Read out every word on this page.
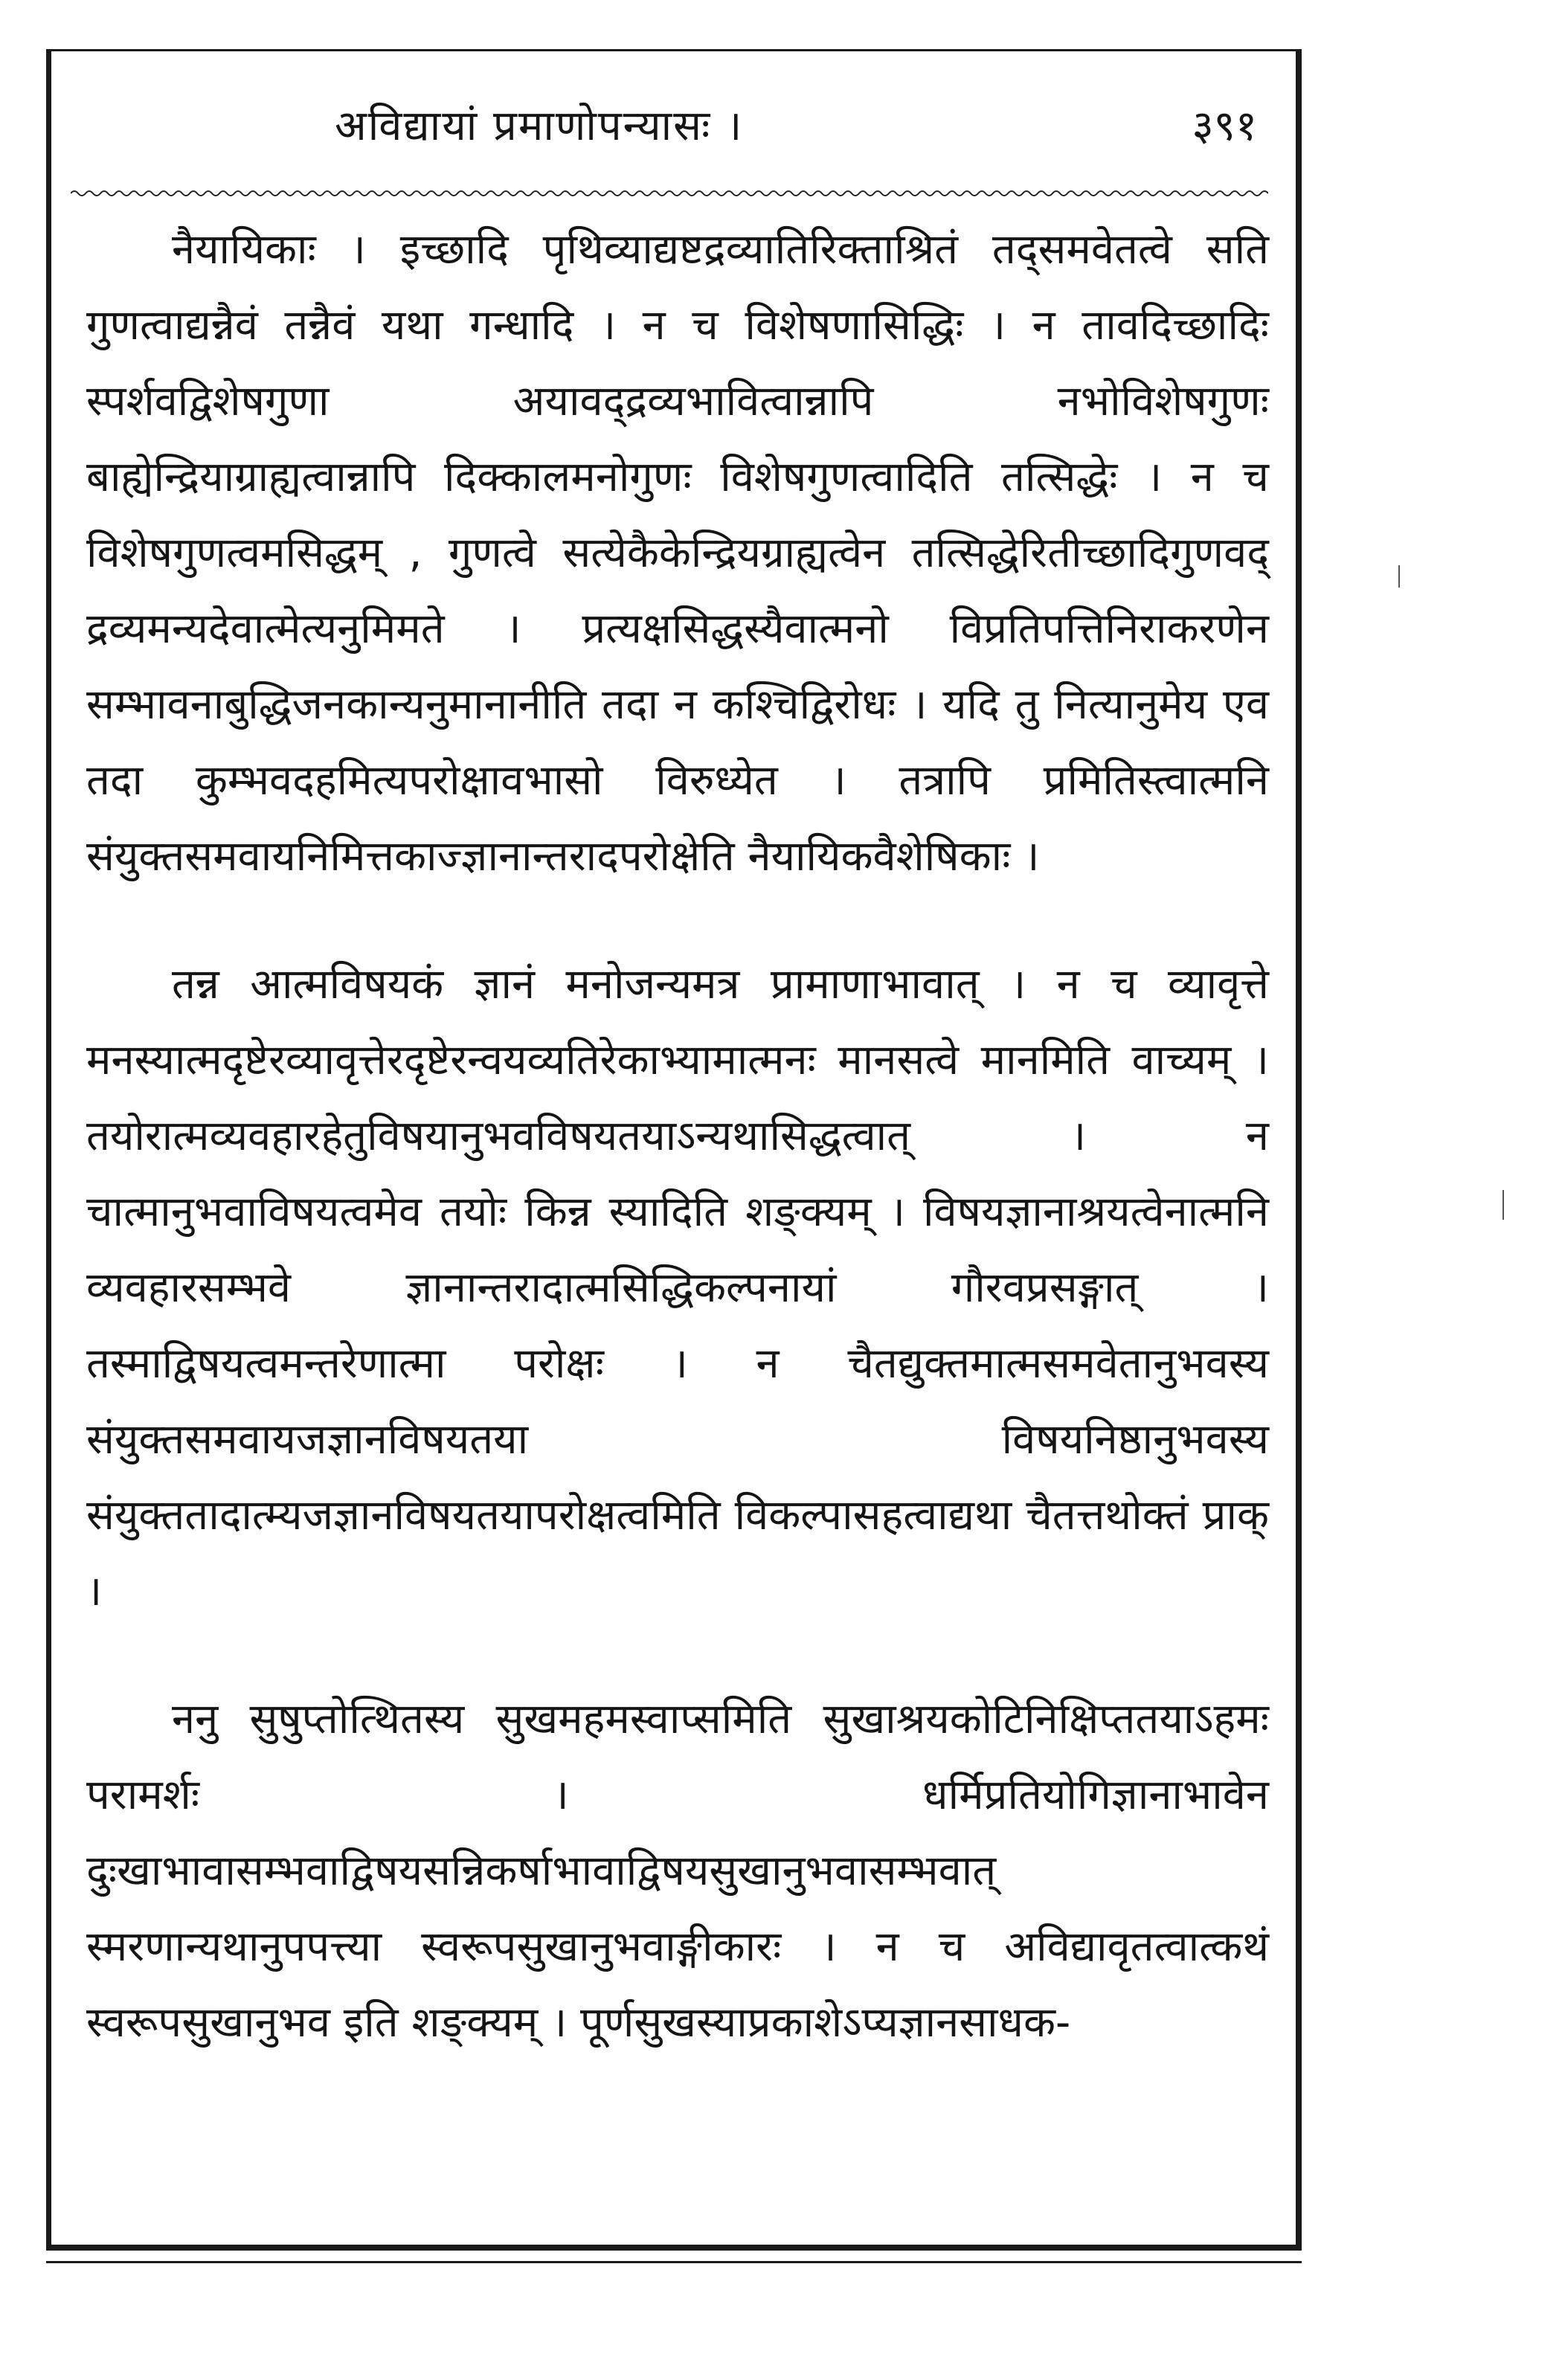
अविद्यायां प्रमाणोपन्यासः ।	३९१

नैयायिकाः । इच्छादि पृथिव्याद्यष्टद्रव्यातिरिक्ताश्रितं तद्समवेतत्वे सति गुणत्वाद्यन्नैवं तन्नैवं यथा गन्धादि । न च विशेषणासिद्धिः । न तावदिच्छादिः स्पर्शवद्विशेषगुणा अयावद्द्रव्यभावित्वान्नापि नभोविशेषगुणः बाह्येन्द्रियाग्राह्यत्वान्नापि दिक्कालमनोगुणः विशेषगुणत्वादिति तत्सिद्धेः । न च विशेषगुणत्वमसिद्धम् , गुणत्वे सत्येकैकेन्द्रियग्राह्यत्वेन तत्सिद्धेरितीच्छादिगुणवद् द्रव्यमन्यदेवात्मेत्यनुमिमते । प्रत्यक्षसिद्धस्यैवात्मनो विप्रतिपत्तिनिराकरणेन सम्भावनाबुद्धिजनकान्यनुमानानीति तदा न कश्चिद्विरोधः । यदि तु नित्यानुमेय एव तदा कुम्भवदहमित्यपरोक्षावभासो विरुध्येत । तत्रापि प्रमितिस्त्वात्मनि संयुक्तसमवायनिमित्तकाज्ज्ञानान्तरादपरोक्षेति नैयायिकवैशेषिकाः ।

तन्न आत्मविषयकं ज्ञानं मनोजन्यमत्र प्रामाणाभावात् । न च व्यावृत्ते मनस्यात्मदृष्टेरव्यावृत्तेरदृष्टेरन्वयव्यतिरेकाभ्यामात्मनः मानसत्वे मानमिति वाच्यम् । तयोरात्मव्यवहारहेतुविषयानुभवविषयतयाऽन्यथासिद्धत्वात् । न चात्मानुभवाविषयत्वमेव तयोः किन्न स्यादिति शङ्क्यम् । विषयज्ञानाश्रयत्वेनात्मनि व्यवहारसम्भवे ज्ञानान्तरादात्मसिद्धिकल्पनायां गौरवप्रसङ्गात् । तस्माद्विषयत्वमन्तरेणात्मा परोक्षः । न चैतद्युक्तमात्मसमवेतानुभवस्य संयुक्तसमवायजज्ञानविषयतया विषयनिष्ठानुभवस्य संयुक्ततादात्म्यजज्ञानविषयतयापरोक्षत्वमिति विकल्पासहत्वाद्यथा चैतत्तथोक्तं प्राक् ।

ननु सुषुप्तोत्थितस्य सुखमहमस्वाप्समिति सुखाश्रयकोटिनिक्षिप्ततयाऽहमः परामर्शः । धर्मिप्रतियोगिज्ञानाभावेन दुःखाभावासम्भवाद्विषयसन्निकर्षाभावाद्विषयसुखानुभवासम्भवात् स्मरणान्यथानुपपत्त्या स्वरूपसुखानुभवाङ्गीकारः । न च अविद्यावृतत्वात्कथं स्वरूपसुखानुभव इति शङ्क्यम् । पूर्णसुखस्याप्रकाशेऽप्यज्ञानसाधक-
